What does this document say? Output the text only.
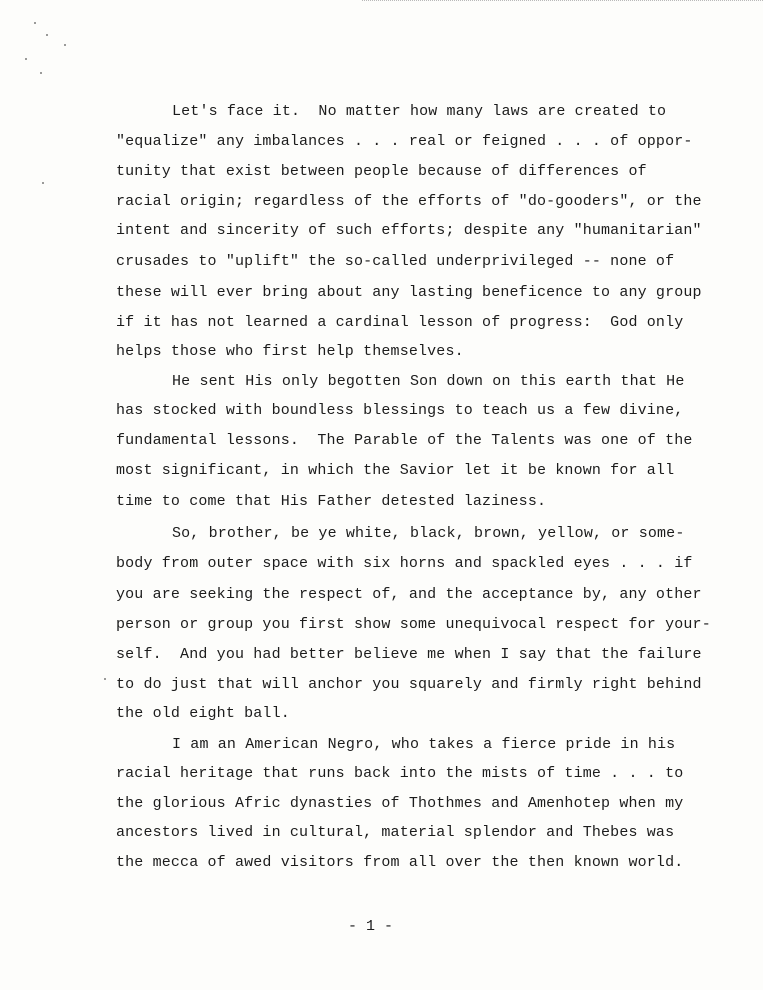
Let's face it.  No matter how many laws are created to

"equalize" any imbalances . . . real or feigned . . . of oppor-

tunity that exist between people because of differences of

racial origin; regardless of the efforts of "do-gooders", or the

intent and sincerity of such efforts; despite any "humanitarian"

crusades to "uplift" the so-called underprivileged -- none of

these will ever bring about any lasting beneficence to any group

if it has not learned a cardinal lesson of progress:  God only

helps those who first help themselves.

He sent His only begotten Son down on this earth that He

has stocked with boundless blessings to teach us a few divine,

fundamental lessons.  The Parable of the Talents was one of the

most significant, in which the Savior let it be known for all

time to come that His Father detested laziness.

So, brother, be ye white, black, brown, yellow, or some-

body from outer space with six horns and spackled eyes . . . if

you are seeking the respect of, and the acceptance by, any other

person or group you first show some unequivocal respect for your-

self.  And you had better believe me when I say that the failure

to do just that will anchor you squarely and firmly right behind

the old eight ball.

I am an American Negro, who takes a fierce pride in his

racial heritage that runs back into the mists of time . . . to

the glorious Afric dynasties of Thothmes and Amenhotep when my

ancestors lived in cultural, material splendor and Thebes was

the mecca of awed visitors from all over the then known world.

- 1 -
